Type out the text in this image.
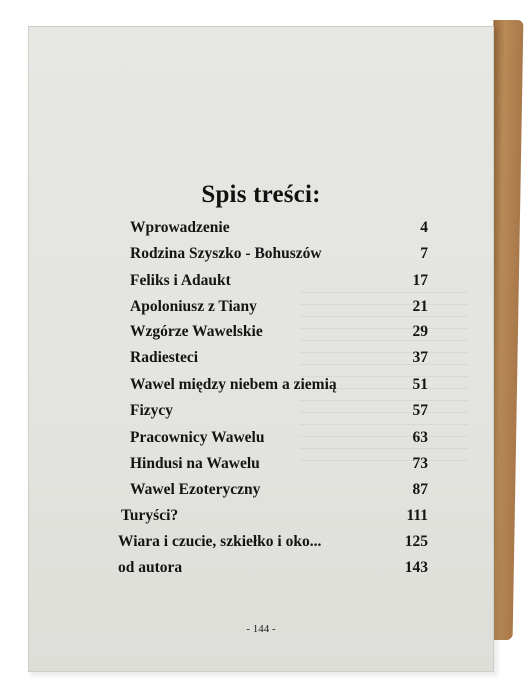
Spis treści:
Wprowadzenie	4
Rodzina Szyszko - Bohuszów	7
Feliks i Adaukt	17
Apoloniusz z Tiany	21
Wzgórze Wawelskie	29
Radiesteci	37
Wawel między niebem a ziemią	51
Fizycy	57
Pracownicy Wawelu	63
Hindusi na Wawelu	73
Wawel Ezoteryczny	87
Turyści?	111
Wiara i czucie, szkiełko i oko...	125
od autora	143
- 144 -
